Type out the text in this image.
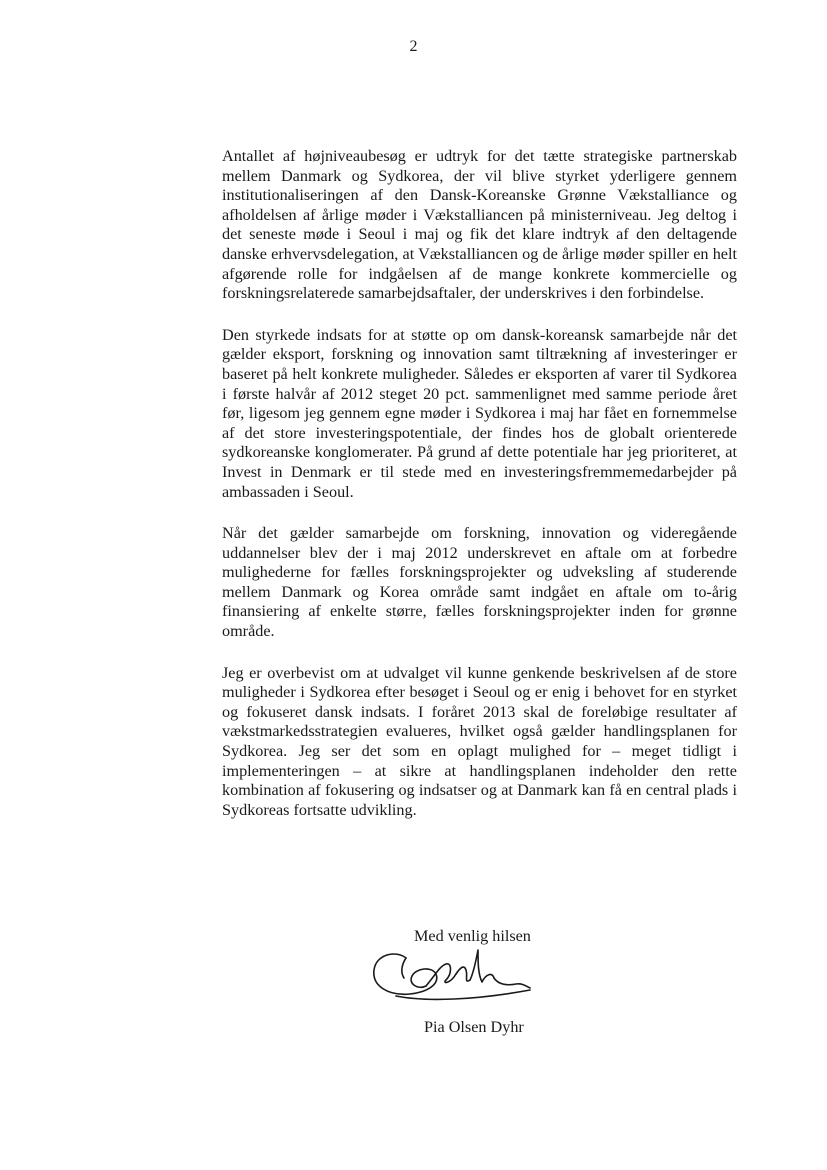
2

Antallet af højniveaubesøg er udtryk for det tætte strategiske partnerskab mellem Danmark og Sydkorea, der vil blive styrket yderligere gennem institutionaliseringen af den Dansk-Koreanske Grønne Vækstalliance og afholdelsen af årlige møder i Vækstalliancen på ministerniveau. Jeg deltog i det seneste møde i Seoul i maj og fik det klare indtryk af den deltagende danske erhvervsdelegation, at Vækstalliancen og de årlige møder spiller en helt afgørende rolle for indgåelsen af de mange konkrete kommercielle og forskningsrelaterede samarbejdsaftaler, der underskrives i den forbindelse.

Den styrkede indsats for at støtte op om dansk-koreansk samarbejde når det gælder eksport, forskning og innovation samt tiltrækning af investeringer er baseret på helt konkrete muligheder. Således er eksporten af varer til Sydkorea i første halvår af 2012 steget 20 pct. sammenlignet med samme periode året før, ligesom jeg gennem egne møder i Sydkorea i maj har fået en fornemmelse af det store investeringspotentiale, der findes hos de globalt orienterede sydkoreanske konglomerater. På grund af dette potentiale har jeg prioriteret, at Invest in Denmark er til stede med en investeringsfremmemedarbejder på ambassaden i Seoul.

Når det gælder samarbejde om forskning, innovation og videregående uddannelser blev der i maj 2012 underskrevet en aftale om at forbedre mulighederne for fælles forskningsprojekter og udveksling af studerende mellem Danmark og Korea område samt indgået en aftale om to-årig finansiering af enkelte større, fælles forskningsprojekter inden for grønne område.

Jeg er overbevist om at udvalget vil kunne genkende beskrivelsen af de store muligheder i Sydkorea efter besøget i Seoul og er enig i behovet for en styrket og fokuseret dansk indsats. I foråret 2013 skal de foreløbige resultater af vækstmarkedsstrategien evalueres, hvilket også gælder handlingsplanen for Sydkorea. Jeg ser det som en oplagt mulighed for – meget tidligt i implementeringen – at sikre at handlingsplanen indeholder den rette kombination af fokusering og indsatser og at Danmark kan få en central plads i Sydkoreas fortsatte udvikling.

Med venlig hilsen
Pia Olsen Dyhr
